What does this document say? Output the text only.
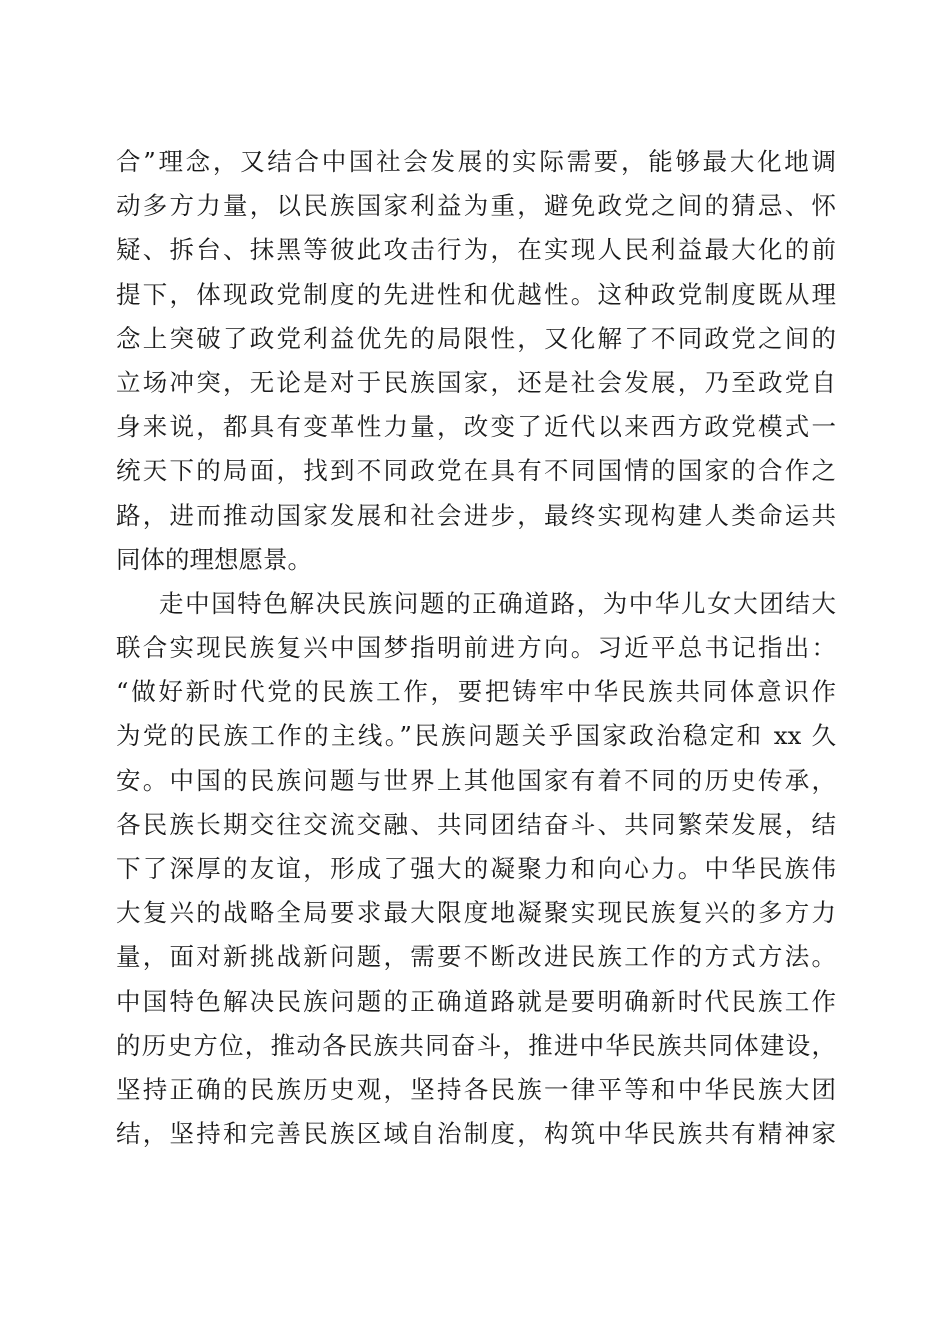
合”理念，又结合中国社会发展的实际需要，能够最大化地调
动多方力量，以民族国家利益为重，避免政党之间的猜忌、怀
疑、拆台、抹黑等彼此攻击行为，在实现人民利益最大化的前
提下，体现政党制度的先进性和优越性。这种政党制度既从理
念上突破了政党利益优先的局限性，又化解了不同政党之间的
立场冲突，无论是对于民族国家，还是社会发展，乃至政党自
身来说，都具有变革性力量，改变了近代以来西方政党模式一
统天下的局面，找到不同政党在具有不同国情的国家的合作之
路，进而推动国家发展和社会进步，最终实现构建人类命运共
同体的理想愿景。
走中国特色解决民族问题的正确道路，为中华儿女大团结大
联合实现民族复兴中国梦指明前进方向。习近平总书记指出：
“做好新时代党的民族工作，要把铸牢中华民族共同体意识作
为党的民族工作的主线。”民族问题关乎国家政治稳定和 xx 久
安。中国的民族问题与世界上其他国家有着不同的历史传承，
各民族长期交往交流交融、共同团结奋斗、共同繁荣发展，结
下了深厚的友谊，形成了强大的凝聚力和向心力。中华民族伟
大复兴的战略全局要求最大限度地凝聚实现民族复兴的多方力
量，面对新挑战新问题，需要不断改进民族工作的方式方法。
中国特色解决民族问题的正确道路就是要明确新时代民族工作
的历史方位，推动各民族共同奋斗，推进中华民族共同体建设，
坚持正确的民族历史观，坚持各民族一律平等和中华民族大团
结，坚持和完善民族区域自治制度，构筑中华民族共有精神家
